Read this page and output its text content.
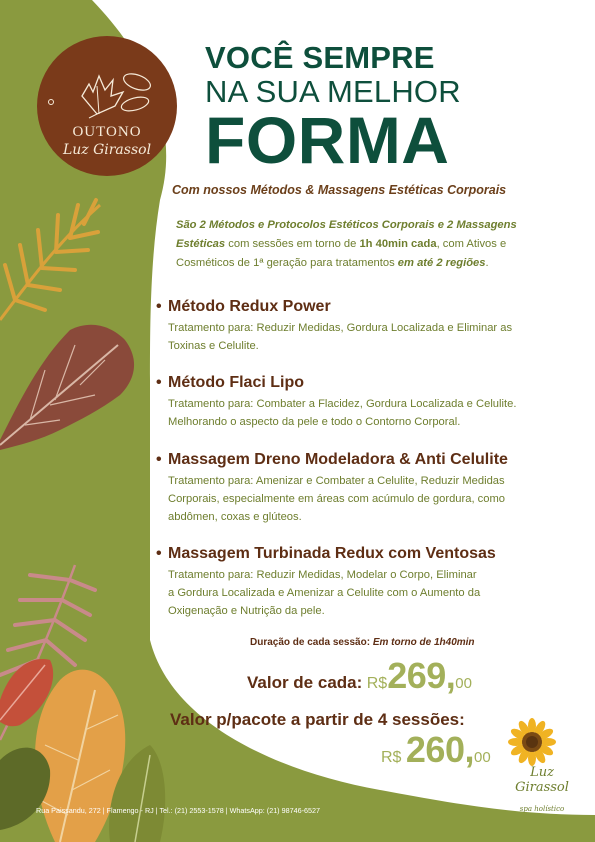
OUTONO
Luz Girassol
VOCÊ SEMPRE
NA SUA MELHOR
FORMA
Com nossos Métodos & Massagens Estéticas Corporais
São 2 Métodos e Protocolos Estéticos Corporais e 2 Massagens
Estéticas com sessões em torno de 1h 40min cada, com Ativos e
Cosméticos de 1ª geração para tratamentos em até 2 regiões.
• Método Redux Power
Tratamento para: Reduzir Medidas, Gordura Localizada e Eliminar as
Toxinas e Celulite.
• Método Flaci Lipo
Tratamento para: Combater a Flacidez, Gordura Localizada e Celulite.
Melhorando o aspecto da pele e todo o Contorno Corporal.
• Massagem Dreno Modeladora & Anti Celulite
Tratamento para: Amenizar e Combater a Celulite, Reduzir Medidas
Corporais, especialmente em áreas com acúmulo de gordura, como
abdômen, coxas e glúteos.
• Massagem Turbinada Redux com Ventosas
Tratamento para: Reduzir Medidas, Modelar o Corpo, Eliminar
a Gordura Localizada e Amenizar a Celulite com o Aumento da
Oxigenação e Nutrição da pele.
Duração de cada sessão: Em torno de 1h40min
Valor de cada: R$269,00
Valor p/pacote a partir de 4 sessões:
R$ 260,00
Luz
Girassol
spa holístico
Rua Paissandu, 272 | Flamengo - RJ | Tel.: (21) 2553-1578 | WhatsApp: (21) 98746-6527
